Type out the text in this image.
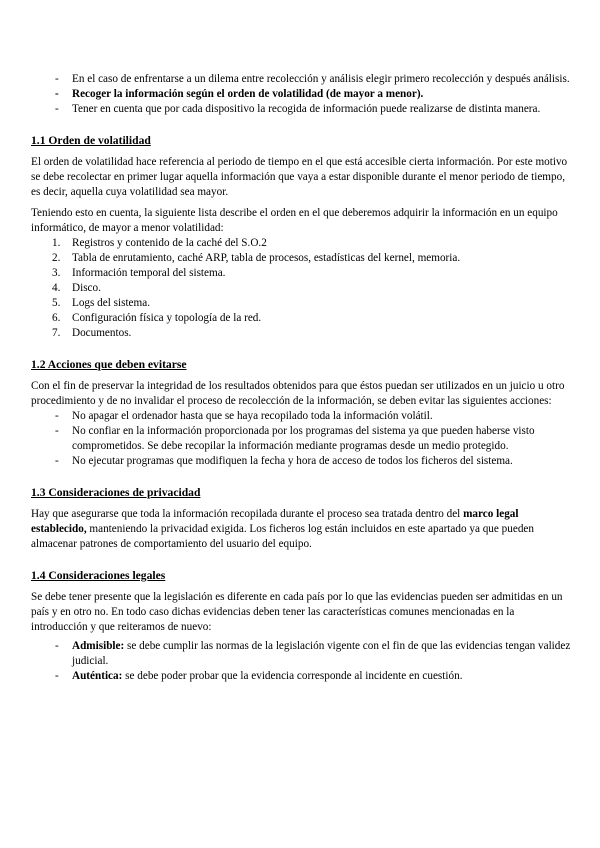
- En el caso de enfrentarse a un dilema entre recolección y análisis elegir primero recolección y después análisis.
- Recoger la información según el orden de volatilidad (de mayor a menor).
- Tener en cuenta que por cada dispositivo la recogida de información puede realizarse de distinta manera.
1.1 Orden de volatilidad

El orden de volatilidad hace referencia al periodo de tiempo en el que está accesible cierta información. Por este motivo se debe recolectar en primer lugar aquella información que vaya a estar disponible durante el menor periodo de tiempo, es decir, aquella cuya volatilidad sea mayor.

Teniendo esto en cuenta, la siguiente lista describe el orden en el que deberemos adquirir la información en un equipo informático, de mayor a menor volatilidad:

1. Registros y contenido de la caché del S.O.2
2. Tabla de enrutamiento, caché ARP, tabla de procesos, estadísticas del kernel, memoria.
3. Información temporal del sistema.
4. Disco.
5. Logs del sistema.
6. Configuración física y topología de la red.
7. Documentos.
1.2 Acciones que deben evitarse

Con el fin de preservar la integridad de los resultados obtenidos para que éstos puedan ser utilizados en un juicio u otro procedimiento y de no invalidar el proceso de recolección de la información, se deben evitar las siguientes acciones:

- No apagar el ordenador hasta que se haya recopilado toda la información volátil.
- No confiar en la información proporcionada por los programas del sistema ya que pueden haberse visto comprometidos. Se debe recopilar la información mediante programas desde un medio protegido.
- No ejecutar programas que modifiquen la fecha y hora de acceso de todos los ficheros del sistema.
1.3 Consideraciones de privacidad

Hay que asegurarse que toda la información recopilada durante el proceso sea tratada dentro del marco legal establecido, manteniendo la privacidad exigida. Los ficheros log están incluidos en este apartado ya que pueden almacenar patrones de comportamiento del usuario del equipo.

1.4 Consideraciones legales

Se debe tener presente que la legislación es diferente en cada país por lo que las evidencias pueden ser admitidas en un país y en otro no. En todo caso dichas evidencias deben tener las características comunes mencionadas en la introducción y que reiteramos de nuevo:

- Admisible: se debe cumplir las normas de la legislación vigente con el fin de que las evidencias tengan validez judicial.
- Auténtica: se debe poder probar que la evidencia corresponde al incidente en cuestión.
